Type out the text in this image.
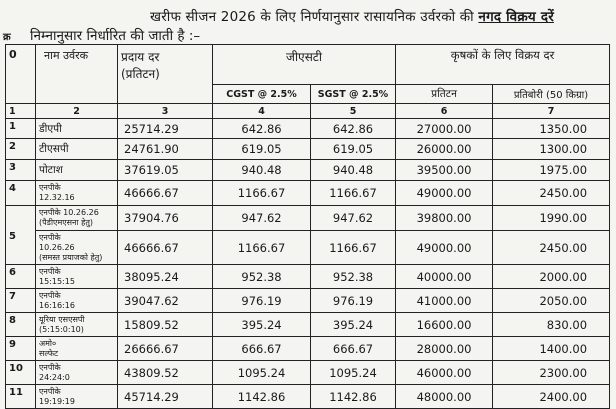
खरीफ सीजन 2026 के लिए निर्णयानुसार रासायनिक उर्वरको की नगद विक्रय दरें
क्र निम्नानुसार निर्धारित की जाती है :–
0	नाम उर्वरक	प्रदाय दर
(प्रतिटन)	जीएसटी		कृषकों के लिए विक्रय दर	
			CGST @ 2.5%	SGST @ 2.5%	प्रतिटन	प्रतिबोरी (50 किग्रा)
1	2	3	4	5	6	7
1	डीएपी	25714.29	642.86	642.86	27000.00	1350.00
2	टीएसपी	24761.90	619.05	619.05	26000.00	1300.00
3	पोटाश	37619.05	940.48	940.48	39500.00	1975.00
4	एनपीके
12.32.16	46666.67	1166.67	1166.67	49000.00	2450.00
5	एनपीके 10.26.26
(पैडीएमएसना हेतु)	37904.76	947.62	947.62	39800.00	1990.00

	एनपीके
10.26.26
(समस्त प्रयाजको हेतु)	46666.67	1166.67	1166.67	49000.00	2450.00
6	एनपीके
15:15:15	38095.24	952.38	952.38	40000.00	2000.00
7	एनपीके
16:16:16	39047.62	976.19	976.19	41000.00	2050.00
8	यूरिया एसएसपी
(5:15:0:10)	15809.52	395.24	395.24	16600.00	830.00
9	अमो०
सल्फेट	26666.67	666.67	666.67	28000.00	1400.00
10	एनपीके
24:24:0	43809.52	1095.24	1095.24	46000.00	2300.00
11	एनपीके
19:19:19	45714.29	1142.86	1142.86	48000.00	2400.00
